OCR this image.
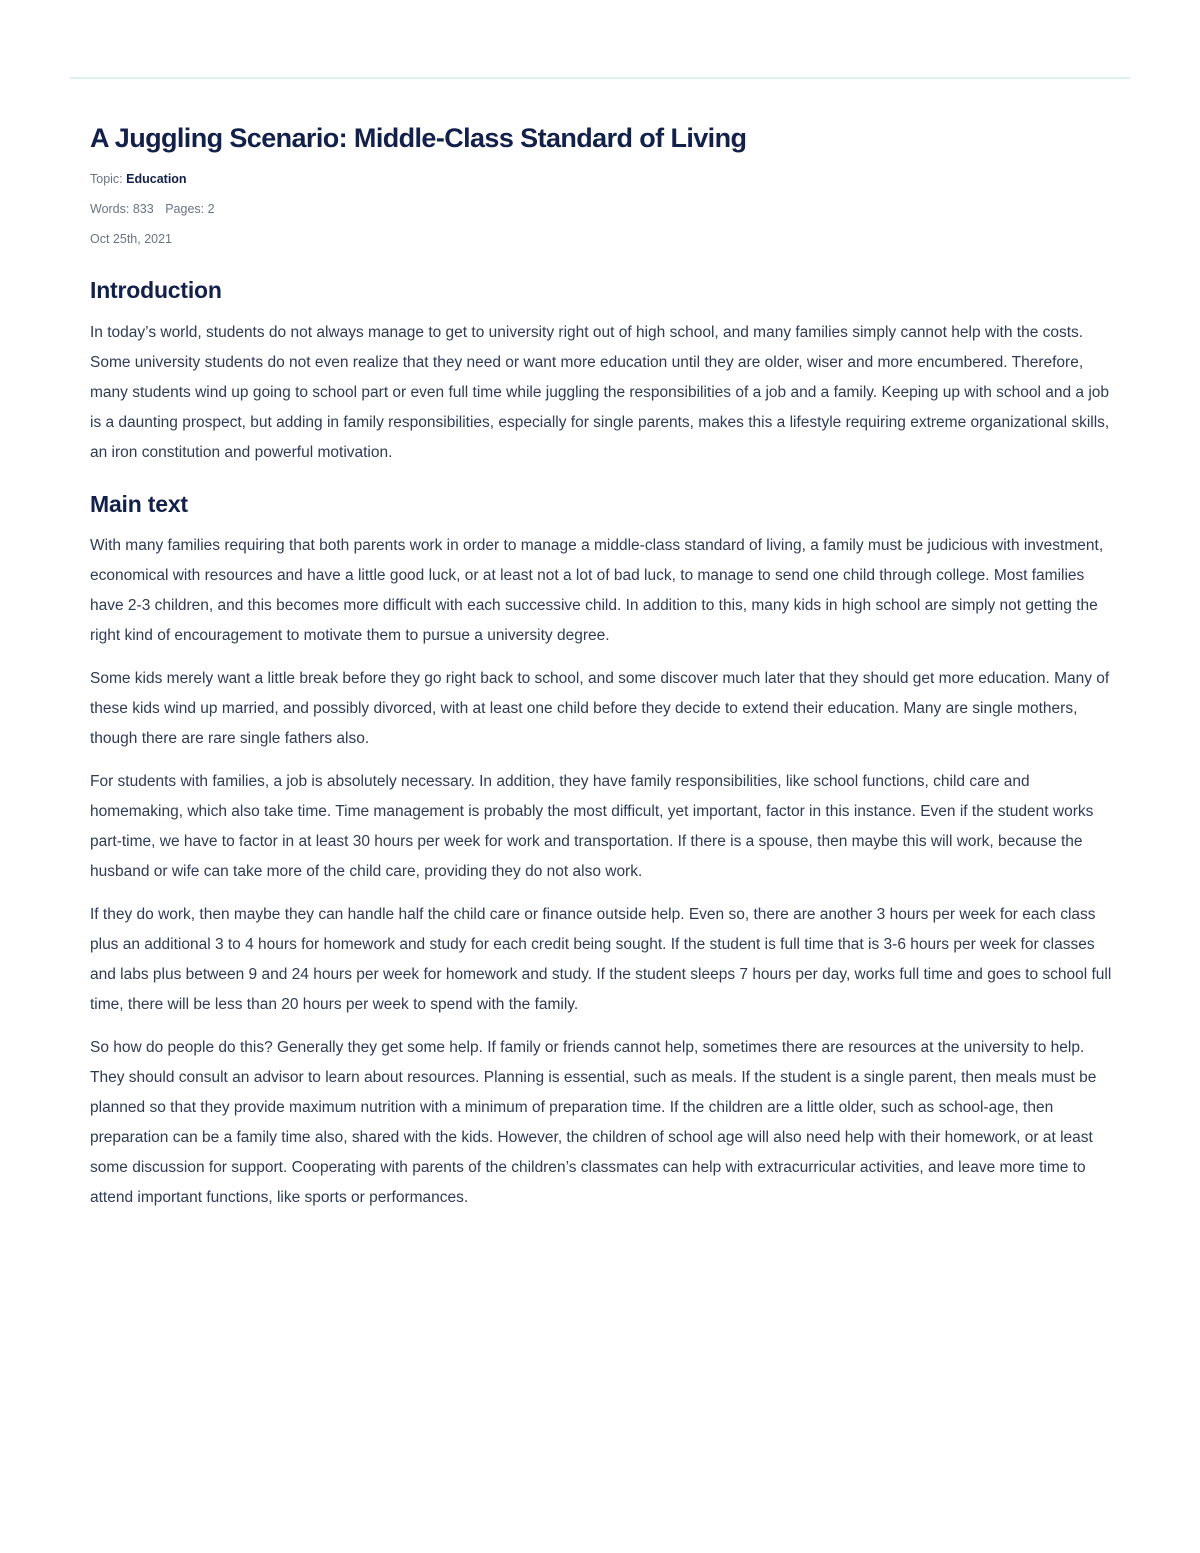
A Juggling Scenario: Middle-Class Standard of Living
Topic: Education
Words: 833 Pages: 2
Oct 25th, 2021
Introduction

In today’s world, students do not always manage to get to university right out of high school, and many families simply cannot help with the costs. Some university students do not even realize that they need or want more education until they are older, wiser and more encumbered. Therefore, many students wind up going to school part or even full time while juggling the responsibilities of a job and a family. Keeping up with school and a job is a daunting prospect, but adding in family responsibilities, especially for single parents, makes this a lifestyle requiring extreme organizational skills, an iron constitution and powerful motivation.

Main text

With many families requiring that both parents work in order to manage a middle-class standard of living, a family must be judicious with investment, economical with resources and have a little good luck, or at least not a lot of bad luck, to manage to send one child through college. Most families have 2-3 children, and this becomes more difficult with each successive child. In addition to this, many kids in high school are simply not getting the right kind of encouragement to motivate them to pursue a university degree.

Some kids merely want a little break before they go right back to school, and some discover much later that they should get more education. Many of these kids wind up married, and possibly divorced, with at least one child before they decide to extend their education. Many are single mothers, though there are rare single fathers also.

For students with families, a job is absolutely necessary. In addition, they have family responsibilities, like school functions, child care and homemaking, which also take time. Time management is probably the most difficult, yet important, factor in this instance. Even if the student works part-time, we have to factor in at least 30 hours per week for work and transportation. If there is a spouse, then maybe this will work, because the husband or wife can take more of the child care, providing they do not also work.

If they do work, then maybe they can handle half the child care or finance outside help. Even so, there are another 3 hours per week for each class plus an additional 3 to 4 hours for homework and study for each credit being sought. If the student is full time that is 3-6 hours per week for classes and labs plus between 9 and 24 hours per week for homework and study. If the student sleeps 7 hours per day, works full time and goes to school full time, there will be less than 20 hours per week to spend with the family.

So how do people do this? Generally they get some help. If family or friends cannot help, sometimes there are resources at the university to help. They should consult an advisor to learn about resources. Planning is essential, such as meals. If the student is a single parent, then meals must be planned so that they provide maximum nutrition with a minimum of preparation time. If the children are a little older, such as school-age, then preparation can be a family time also, shared with the kids. However, the children of school age will also need help with their homework, or at least some discussion for support. Cooperating with parents of the children’s classmates can help with extracurricular activities, and leave more time to attend important functions, like sports or performances.
